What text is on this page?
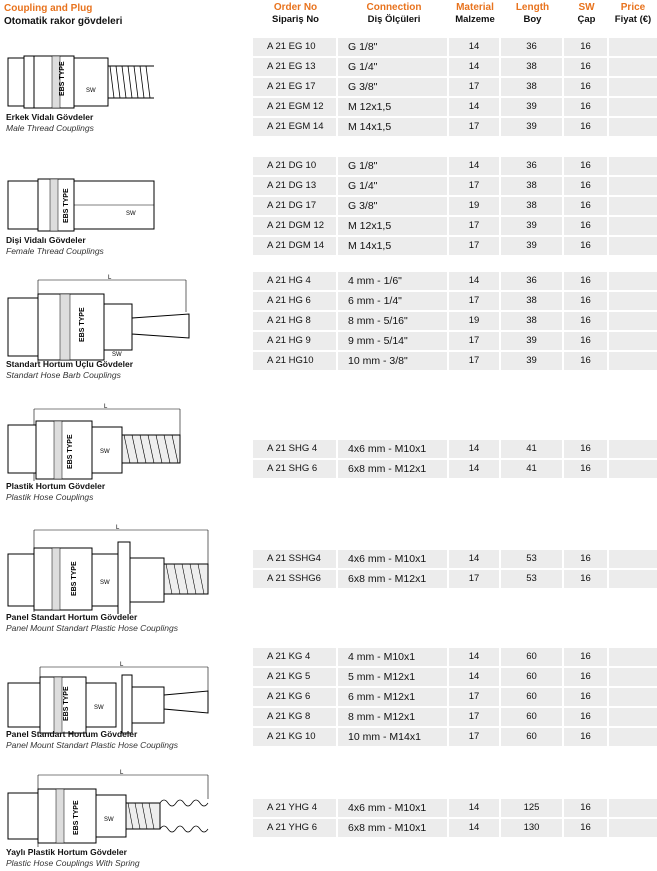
Coupling and Plug
Otomatik rakor gövdeleri
Order No
Sipariş No
Connection
Diş Ölçüleri
Material
Malzeme
Length
Boy
SW
Çap
Price
Fiyat (€)
EBS TYPE	SW
Erkek Vidalı Gövdeler
Male Thread Couplings
EBS TYPE	SW
Dişi Vidalı Gövdeler
Female Thread Couplings
L
EBS TYPE
SW
Standart Hortum Uçlu Gövdeler
Standart Hose Barb Couplings
L
EBS TYPE	SW
Plastik Hortum Gövdeler
Plastik Hose Couplings
L
EBS TYPE	SW
Panel Standart Hortum Gövdeler
Panel Mount Standart Plastic Hose Couplings
L
EBS TYPE	SW
Panel Standart Hortum Gövdeler
Panel Mount Standart Plastic Hose Couplings
L
EBS TYPE	SW
Yaylı Plastik Hortum Gövdeler
Plastic Hose Couplings With Spring
A 21 EG 10	G 1/8"	14	36	16
A 21 EG 13	G 1/4"	14	38	16
A 21 EG 17	G 3/8"	17	38	16
A 21 EGM 12	M 12x1,5	14	39	16
A 21 EGM 14	M 14x1,5	17	39	16
A 21 DG 10	G 1/8"	14	36	16
A 21 DG 13	G 1/4"	17	38	16
A 21 DG 17	G 3/8"	19	38	16
A 21 DGM 12	M 12x1,5	17	39	16
A 21 DGM 14	M 14x1,5	17	39	16
A 21 HG 4	4 mm - 1/6"	14	36	16
A 21 HG 6	6 mm - 1/4"	17	38	16
A 21 HG 8	8 mm - 5/16"	19	38	16
A 21 HG 9	9 mm - 5/14"	17	39	16
A 21 HG10	10 mm - 3/8"	17	39	16
A 21 SHG 4	4x6 mm - M10x1	14	41	16
A 21 SHG 6	6x8 mm - M12x1	14	41	16
A 21 SSHG4	4x6 mm - M10x1	14	53	16
A 21 SSHG6	6x8 mm - M12x1	17	53	16
A 21 KG 4	4 mm - M10x1	14	60	16
A 21 KG 5	5 mm - M12x1	14	60	16
A 21 KG 6	6 mm - M12x1	17	60	16
A 21 KG 8	8 mm - M12x1	17	60	16
A 21 KG 10	10 mm - M14x1	17	60	16
A 21 YHG 4	4x6 mm - M10x1	14	125	16
A 21 YHG 6	6x8 mm - M10x1	14	130	16
